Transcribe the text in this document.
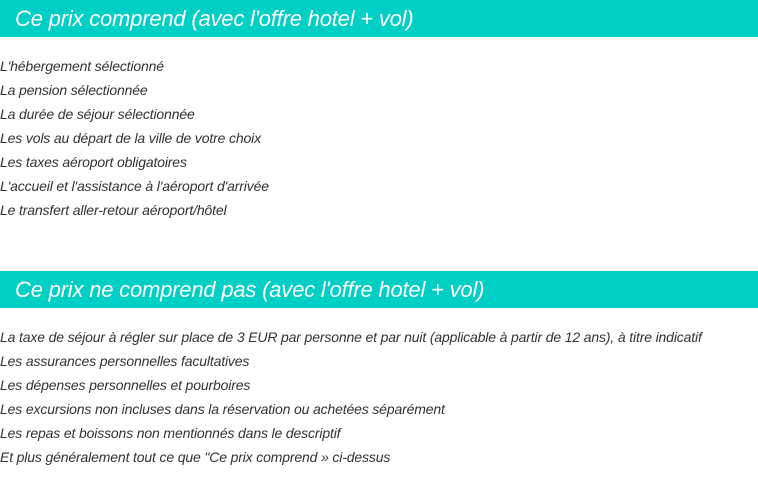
Ce prix comprend (avec l'offre hotel + vol)
L'hébergement sélectionné
La pension sélectionnée
La durée de séjour sélectionnée
Les vols au départ de la ville de votre choix
Les taxes aéroport obligatoires
L'accueil et l'assistance à l'aéroport d'arrivée
Le transfert aller-retour aéroport/hôtel
Ce prix ne comprend pas (avec l'offre hotel + vol)
La taxe de séjour à régler sur place de 3 EUR par personne et par nuit (applicable à partir de 12 ans), à titre indicatif
Les assurances personnelles facultatives
Les dépenses personnelles et pourboires
Les excursions non incluses dans la réservation ou achetées séparément
Les repas et boissons non mentionnés dans le descriptif
Et plus généralement tout ce que "Ce prix comprend » ci-dessus
